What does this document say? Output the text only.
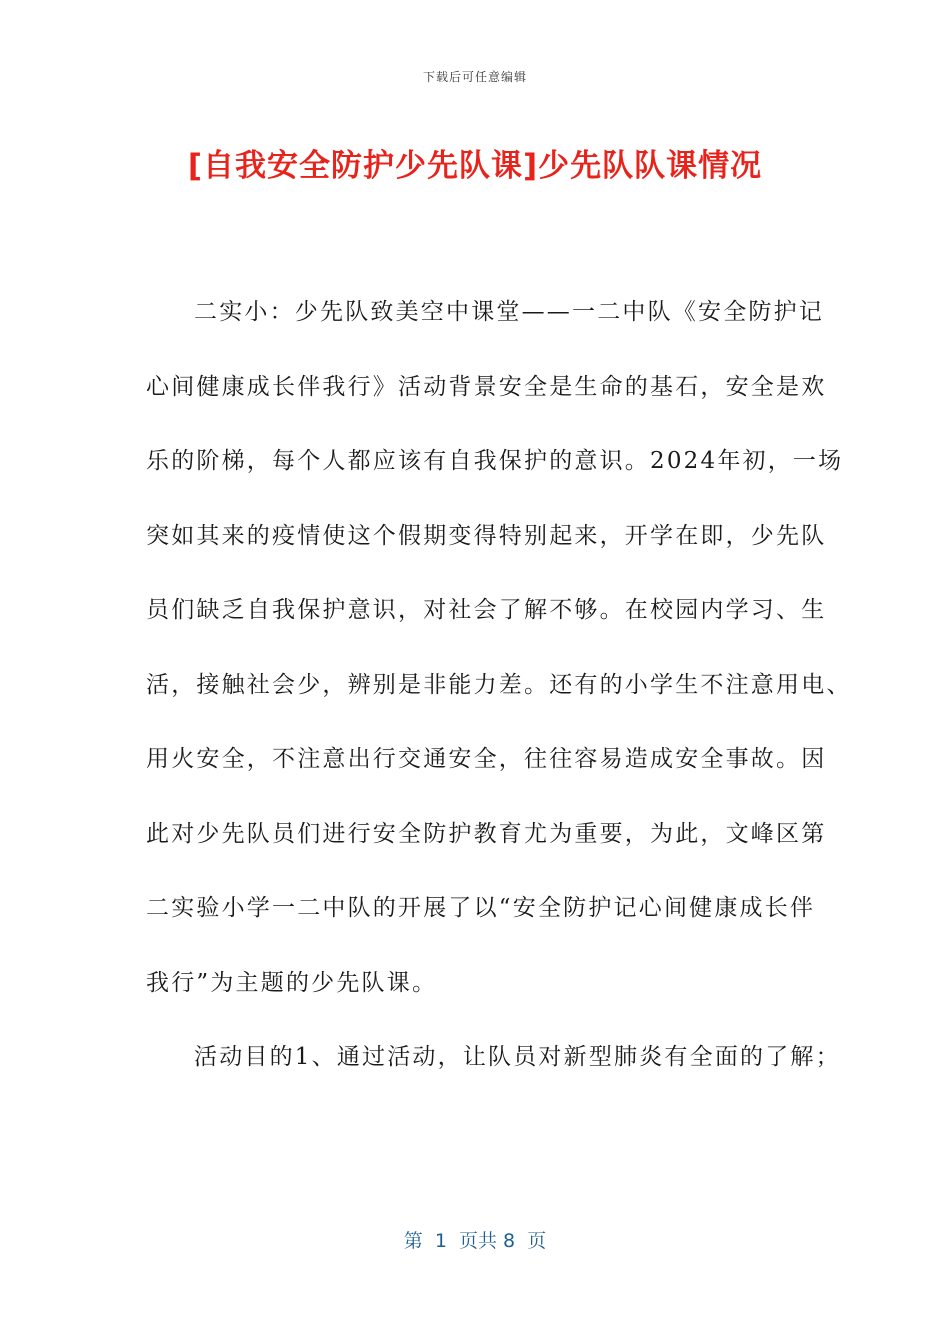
下载后可任意编辑
[自我安全防护少先队课]少先队队课情况
二实小：少先队致美空中课堂——一二中队《安全防护记
心间健康成长伴我行》活动背景安全是生命的基石，安全是欢
乐的阶梯，每个人都应该有自我保护的意识。2024年初，一场
突如其来的疫情使这个假期变得特别起来，开学在即，少先队
员们缺乏自我保护意识，对社会了解不够。在校园内学习、生
活，接触社会少，辨别是非能力差。还有的小学生不注意用电、
用火安全，不注意出行交通安全，往往容易造成安全事故。因
此对少先队员们进行安全防护教育尤为重要，为此，文峰区第
二实验小学一二中队的开展了以“安全防护记心间健康成长伴
我行”为主题的少先队课。
活动目的1、通过活动，让队员对新型肺炎有全面的了解；
第  1  页共 8  页
